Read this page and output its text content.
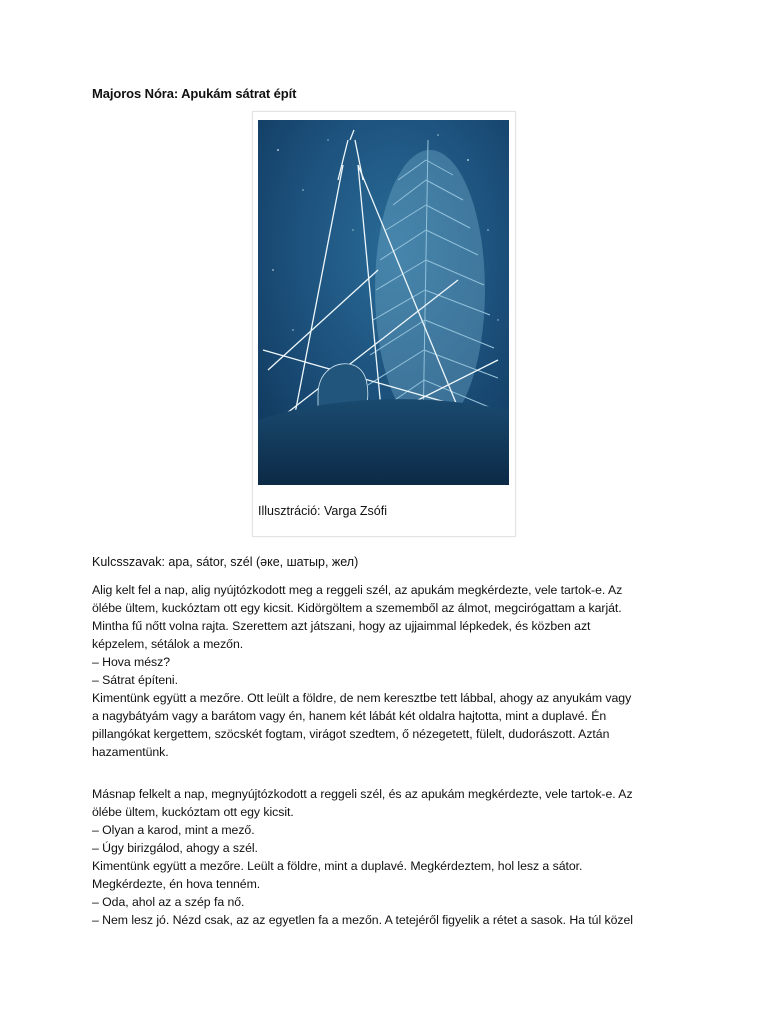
Majoros Nóra: Apukám sátrat épít
Illusztráció: Varga Zsófi
Kulcsszavak: apa, sátor, szél (әке, шатыр, жел)

Alig kelt fel a nap, alig nyújtózkodott meg a reggeli szél, az apukám megkérdezte, vele tartok-e. Az

ölébe ültem, kuckóztam ott egy kicsit. Kidörgöltem a szememből az álmot, megcirógattam a karját.

Mintha fű nőtt volna rajta. Szerettem azt játszani, hogy az ujjaimmal lépkedek, és közben azt

képzelem, sétálok a mezőn.

– Hova mész?

– Sátrat építeni.

Kimentünk együtt a mezőre. Ott leült a földre, de nem keresztbe tett lábbal, ahogy az anyukám vagy

a nagybátyám vagy a barátom vagy én, hanem két lábát két oldalra hajtotta, mint a duplavé. Én

pillangókat kergettem, szöcskét fogtam, virágot szedtem, ő nézegetett, fülelt, dudorászott. Aztán

hazamentünk.

Másnap felkelt a nap, megnyújtózkodott a reggeli szél, és az apukám megkérdezte, vele tartok-e. Az

ölébe ültem, kuckóztam ott egy kicsit.

– Olyan a karod, mint a mező.

– Úgy birizgálod, ahogy a szél.

Kimentünk együtt a mezőre. Leült a földre, mint a duplavé. Megkérdeztem, hol lesz a sátor.

Megkérdezte, én hova tenném.

– Oda, ahol az a szép fa nő.

– Nem lesz jó. Nézd csak, az az egyetlen fa a mezőn. A tetejéről figyelik a rétet a sasok. Ha túl közel
